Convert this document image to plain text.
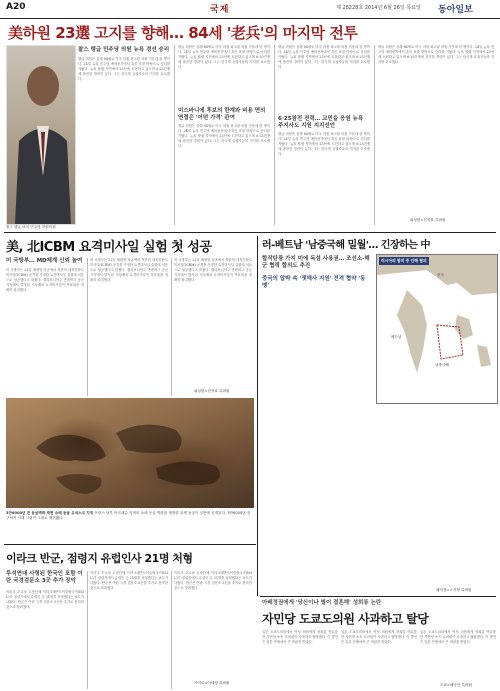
A20	국제	제 28228호 2014년 6월 26일 목요일 동아일보
美하원 23選 고지를 향해… 84세 '老兵'의 마지막 전투
찰스 랭글 민주당 의원 뉴욕 경선 승리
찰스 랭글 미국 민주당 하원의원
랭글 의원은 올해 84세로 미국 하원 최고령 의원 가운데 한 명이다. 24일 뉴욕 민주당 예비선거에서 흑인 표를 바탕으로 승리를 거뒀다. 뉴욕 할렘 지역에서 23선에 도전하고 있으며 6·25전쟁에 참전한 경력이 있다. 그는 한국계 유권자들의 지지를 호소했다.
랭글 의원은 올해 84세로 미국 하원 최고령 의원 가운데 한 명이다. 24일 뉴욕 민주당 예비선거에서 흑인 표를 바탕으로 승리를 거뒀다. 뉴욕 할렘 지역에서 23선에 도전하고 있으며 6·25전쟁에 참전한 경력이 있다. 그는 한국계 유권자들의 지지를 호소했다.
미스바니에 후보의 한계와 비용 면의 연결은 '어떤 가격' 관여
랭글 의원은 올해 84세로 미국 하원 최고령 의원 가운데 한 명이다. 24일 뉴욕 민주당 예비선거에서 흑인 표를 바탕으로 승리를 거뒀다. 뉴욕 할렘 지역에서 23선에 도전하고 있으며 6·25전쟁에 참전한 경력이 있다. 그는 한국계 유권자들의 지지를 호소했다.
랭글 의원은 올해 84세로 미국 하원 최고령 의원 가운데 한 명이다. 24일 뉴욕 민주당 예비선거에서 흑인 표를 바탕으로 승리를 거뒀다. 뉴욕 할렘 지역에서 23선에 도전하고 있으며 6·25전쟁에 참전한 경력이 있다. 그는 한국계 유권자들의 지지를 호소했다.
6·25참전 전력… 교민을 응원 뉴욕 주지사도 지원 지지선언
랭글 의원은 올해 84세로 미국 하원 최고령 의원 가운데 한 명이다. 24일 뉴욕 민주당 예비선거에서 흑인 표를 바탕으로 승리를 거뒀다. 뉴욕 할렘 지역에서 23선에 도전하고 있으며 6·25전쟁에 참전한 경력이 있다. 그는 한국계 유권자들의 지지를 호소했다.
랭글 의원은 올해 84세로 미국 하원 최고령 의원 가운데 한 명이다. 24일 뉴욕 민주당 예비선거에서 흑인 표를 바탕으로 승리를 거뒀다. 뉴욕 할렘 지역에서 23선에 도전하고 있으며 6·25전쟁에 참전한 경력이 있다. 그는 한국계 유권자들의 지지를 호소했다.
워싱턴=신석호 특파원
美, 北ICBM 요격미사일 실험 첫 성공
미 국방부… MD체계 신뢰 높여
미 국방부는 22일 태평양 상공에서 북한의 대륙간탄도미사일(ICBM) 공격을 가정한 요격미사일 실험에 처음으로 성공했다고 밝혔다. 캘리포니아주 반덴버그 공군기지에서 발사된 지상배치 요격미사일이 목표물을 정확히 파괴했다.
미 국방부는 22일 태평양 상공에서 북한의 대륙간탄도미사일(ICBM) 공격을 가정한 요격미사일 실험에 처음으로 성공했다고 밝혔다. 캘리포니아주 반덴버그 공군기지에서 발사된 지상배치 요격미사일이 목표물을 정확히 파괴했다.
미 국방부는 22일 태평양 상공에서 북한의 대륙간탄도미사일(ICBM) 공격을 가정한 요격미사일 실험에 처음으로 성공했다고 밝혔다. 캘리포니아주 반덴버그 공군기지에서 발사된 지상배치 요격미사일이 목표물을 정확히 파괴했다.
워싱턴=신석호 특파원
러-베트남 '남중국해 밀월'… 긴장하는 中
합작탄광 가지 미에 독섬 사용권… 조선소-해군 협력 합의도 추진
중국의 압박 속 '잿해사 지원' 전격 협약 '동맹'
러시아의 합작 중 안해 협의
중국
베트남
남중국해
베이징=고기정 특파원
3만6000년 전 동굴벽화 재현 쇼베 동굴 유네스코 지정 프랑스 남부 아르데슈 지역의 쇼베 동굴 벽화를 재현한 복제 동굴이 일반에 공개된다. 3만6000년 전 구석기 시대 그림이 그대로 재현됐다.
이라크 반군, 점령지 유럽인사 21명 처형
투석연대 사형된 한국인 포함 이란 국경검문소 3곳 추가 장악
이라크 수니파 무장단체 이라크레반트이슬람국가(ISIL)가 점령지에서 유럽인 등 21명을 처형했다는 보도가 나왔다. 반군은 이란 국경 검문소 3곳을 추가로 장악한 것으로 알려졌다.
이라크 수니파 무장단체 이라크레반트이슬람국가(ISIL)가 점령지에서 유럽인 등 21명을 처형했다는 보도가 나왔다. 반군은 이란 국경 검문소 3곳을 추가로 장악한 것으로 알려졌다.
이라크 수니파 무장단체 이라크레반트이슬람국가(ISIL)가 점령지에서 유럽인 등 21명을 처형했다는 보도가 나왔다. 반군은 이란 국경 검문소 3곳을 추가로 장악한 것으로 알려졌다.
카이로=이세형 특파원
아베정권에게 '당신이나 별이 결혼해' 성희롱 논란
자민당 도쿄도의원 사과하고 탈당
일본 도쿄도의회에서 여성 의원에게 성희롱 야유를 한 자민당 소속 도의원이 사과하고 탈당했다. 이 발언은 일본 안팎에서 큰 비판을 받았다.
일본 도쿄도의회에서 여성 의원에게 성희롱 야유를 한 자민당 소속 도의원이 사과하고 탈당했다. 이 발언은 일본 안팎에서 큰 비판을 받았다.
일본 도쿄도의회에서 여성 의원에게 성희롱 야유를 한 자민당 소속 도의원이 사과하고 탈당했다. 이 발언은 일본 안팎에서 큰 비판을 받았다.
도쿄=배극인 특파원
